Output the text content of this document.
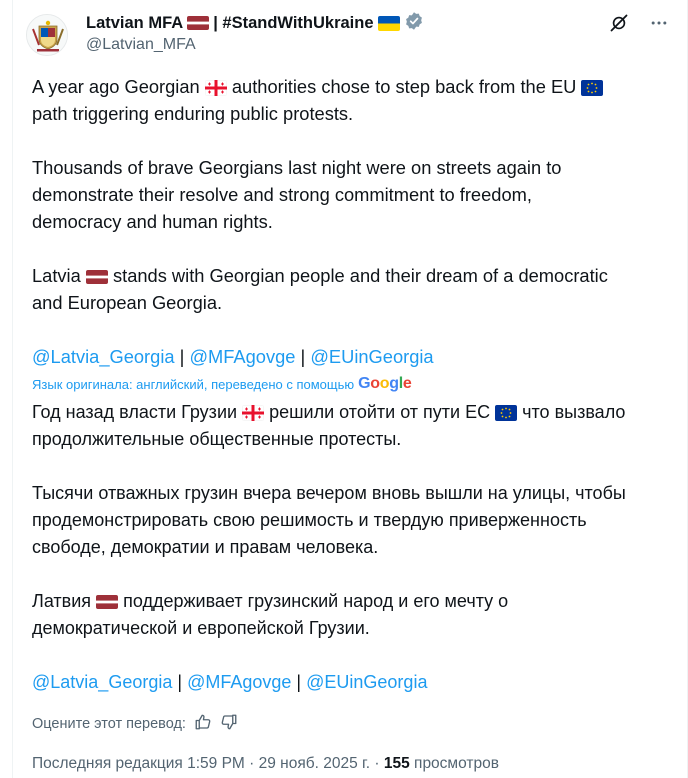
Latvian MFA | #StandWithUkraine
@Latvian_MFA
A year ago Georgian authorities chose to step back from the EU
path triggering enduring public protests.
Thousands of brave Georgians last night were on streets again to
demonstrate their resolve and strong commitment to freedom,
democracy and human rights.
Latvia stands with Georgian people and their dream of a democratic
and European Georgia.
@Latvia_Georgia | @MFAgovge | @EUinGeorgia
Язык оригинала: английский, переведено с помощью Google
Год назад власти Грузии решили отойти от пути ЕС что вызвало
продолжительные общественные протесты.
Тысячи отважных грузин вчера вечером вновь вышли на улицы, чтобы
продемонстрировать свою решимость и твердую приверженность
свободе, демократии и правам человека.
Латвия поддерживает грузинский народ и его мечту о
демократической и европейской Грузии.
@Latvia_Georgia | @MFAgovge | @EUinGeorgia
Оцените этот перевод:
Последняя редакция 1:59 PM · 29 нояб. 2025 г. · 155 просмотров
